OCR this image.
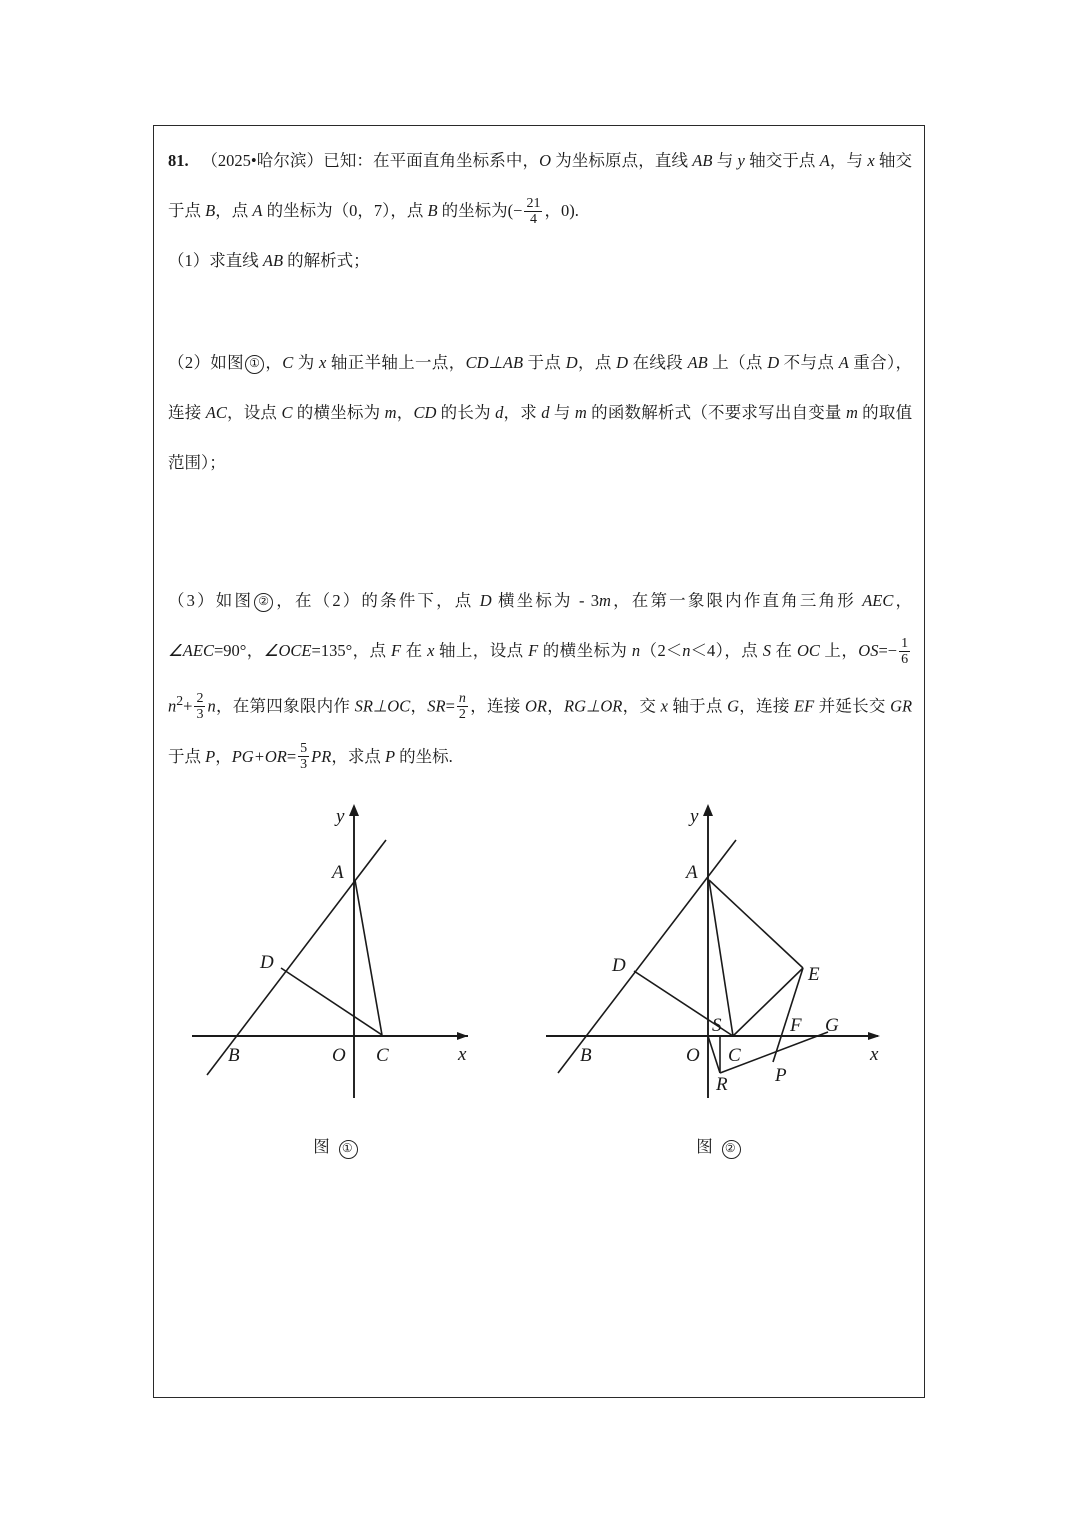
81. （2025•哈尔滨）已知：在平面直角坐标系中，O 为坐标原点，直线 AB 与 y 轴交于点 A，与 x 轴交于点 B，点 A 的坐标为（0，7），点 B 的坐标为(− $\frac{21}{4}$ ，0).

（1）求直线 AB 的解析式；

（2）如图 ① ，C 为 x 轴正半轴上一点，CD⊥AB 于点 D，点 D 在线段 AB 上（点 D 不与点 A 重合），连接 AC，设点 C 的横坐标为 m，CD 的长为 d，求 d 与 m 的函数解析式（不要求写出自变量 m 的取值范围）；

（3）如图 ② ，在（2）的条件下，点 D 横坐标为 - 3m，在第一象限内作直角三角形 AEC，∠AEC=90°，∠OCE=135°，点 F 在 x 轴上，设点 F 的横坐标为 n（2＜n＜4），点 S 在 OC 上，$OS=- \frac{1}{6}$
$n^2+ \frac{2}{3}$ n，在第四象限内作 SR⊥OC，$SR= \frac{n}{2}$ ，连接 OR，RG⊥OR，交 x 轴于点 G，连接 EF 并延长交 GR 于点 P，$PG+OR= \frac{5}{3}$ PR，求点 P 的坐标.

A
D
B	O C
y
x
图 ①
A
D	E
B	O
S
C
R P
F G
y
x
图 ②
